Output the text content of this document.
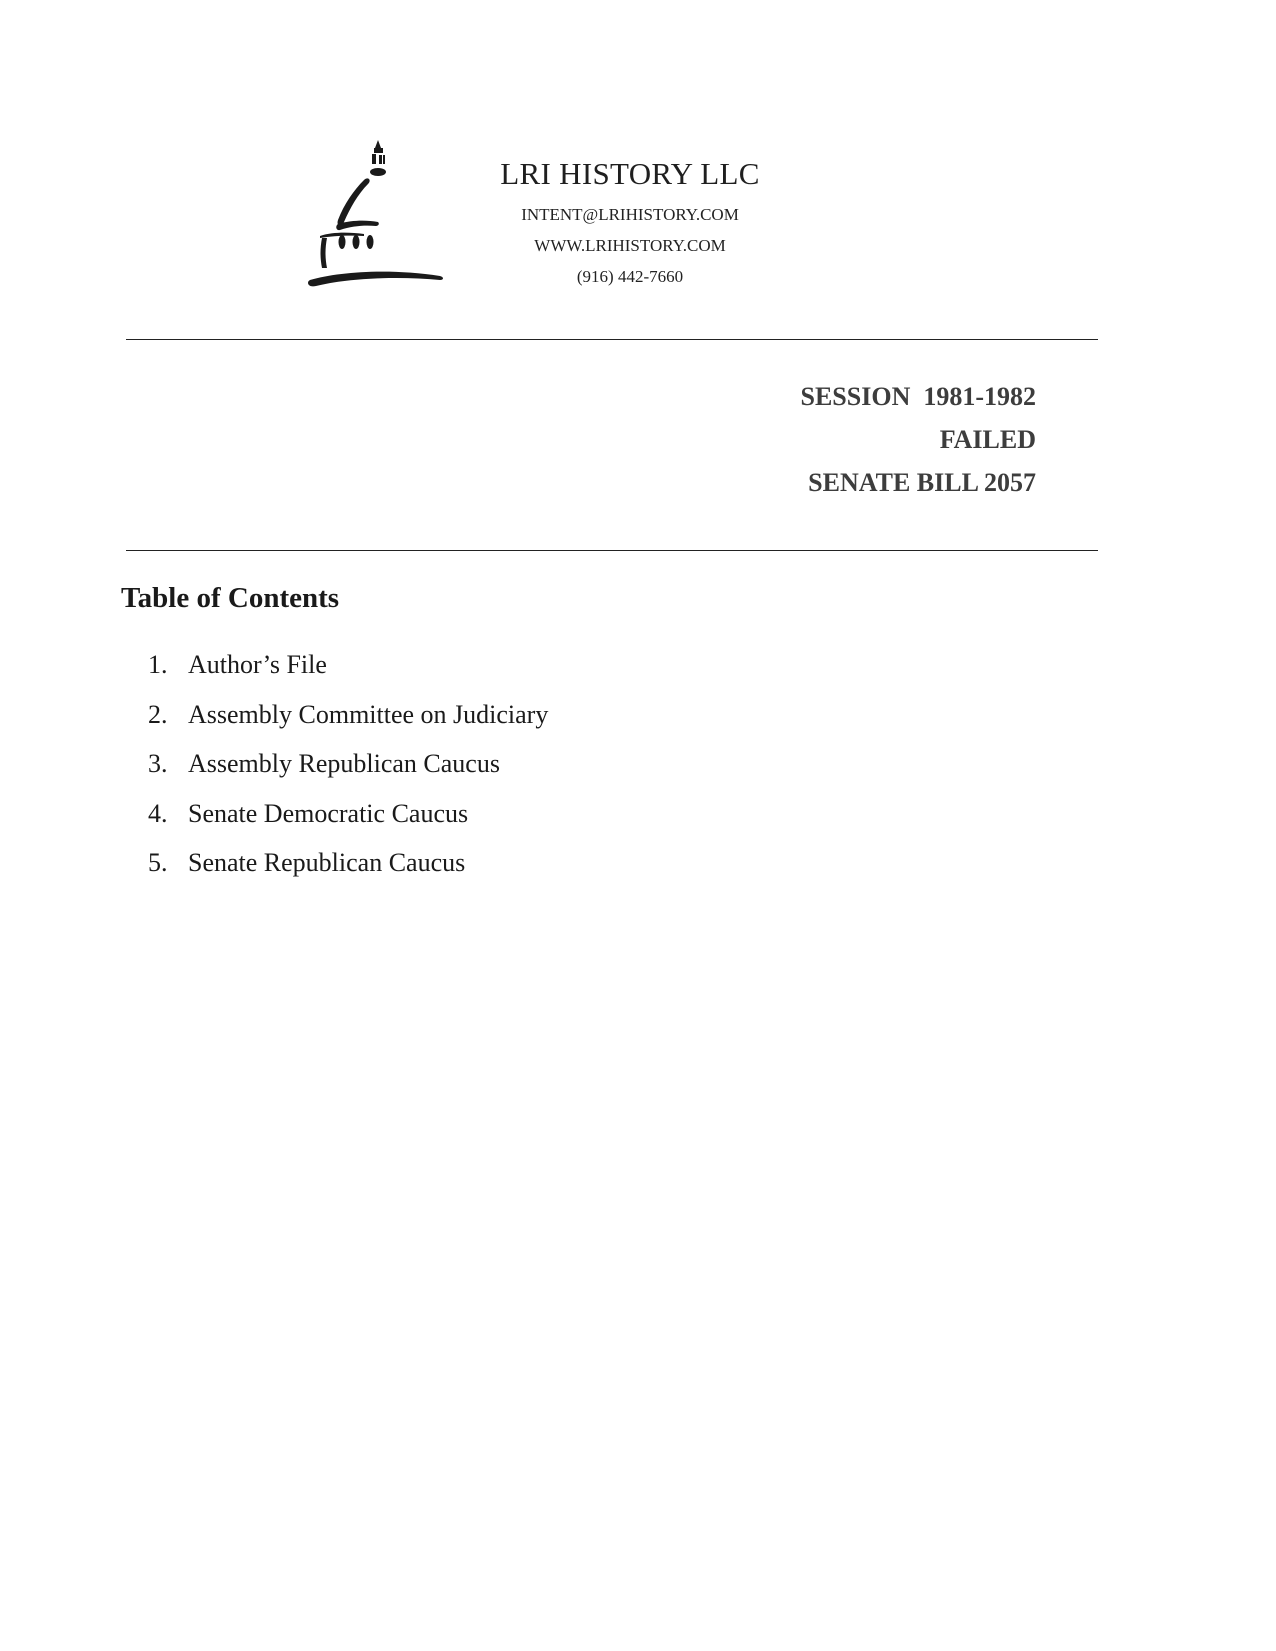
LRI HISTORY LLC
INTENT@LRIHISTORY.COM
WWW.LRIHISTORY.COM
(916) 442-7660
SESSION  1981-1982
FAILED
SENATE BILL 2057
Table of Contents
1. Author’s File
2. Assembly Committee on Judiciary
3. Assembly Republican Caucus
4. Senate Democratic Caucus
5. Senate Republican Caucus
